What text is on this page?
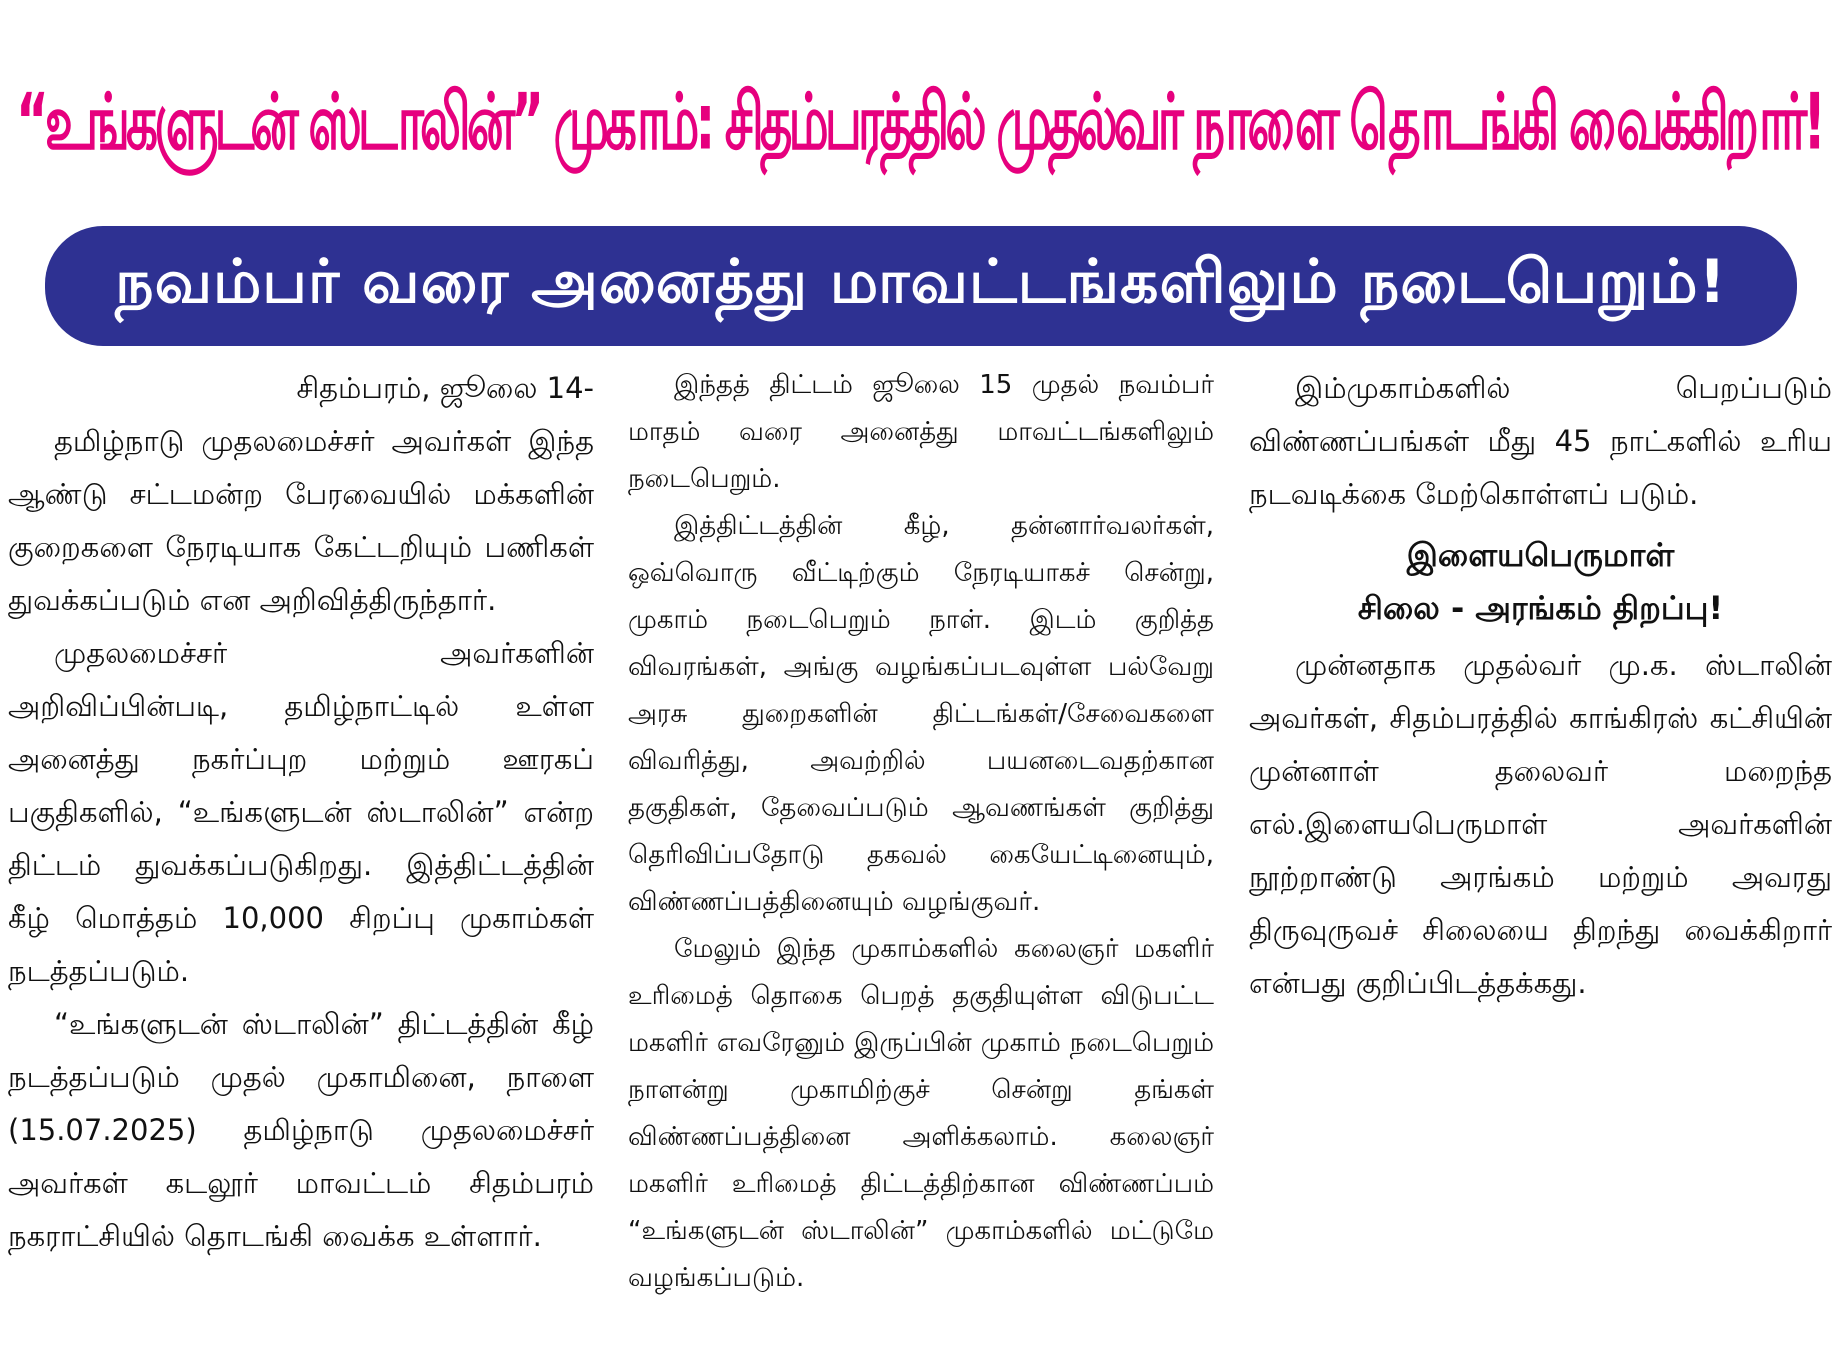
“உங்களுடன் ஸ்டாலின்” முகாம்: சிதம்பரத்தில் முதல்வர் நாளை தொடங்கி வைக்கிறார்!
நவம்பர் வரை அனைத்து மாவட்டங்களிலும் நடைபெறும்!

சிதம்பரம், ஜூலை 14-

தமிழ்நாடு முதலமைச்சர் அவர்கள் இந்த ஆண்டு சட்டமன்ற பேரவையில் மக்களின் குறைகளை நேரடியாக கேட்டறியும் பணிகள் துவக்கப்படும் என அறிவித்திருந்தார்.

முதலமைச்சர் அவர்களின் அறிவிப்பின்படி, தமிழ்நாட்டில் உள்ள அனைத்து நகர்ப்புற மற்றும் ஊரகப் பகுதிகளில், “உங்களுடன் ஸ்டாலின்” என்ற திட்டம் துவக்கப்படுகிறது. இத்திட்டத்தின் கீழ் மொத்தம் 10,000 சிறப்பு முகாம்கள் நடத்தப்படும்.

“உங்களுடன் ஸ்டாலின்” திட்டத்தின் கீழ் நடத்தப்படும் முதல் முகாமினை, நாளை (15.07.2025) தமிழ்நாடு முதலமைச்சர் அவர்கள் கடலூர் மாவட்டம் சிதம்பரம் நகராட்சியில் தொடங்கி வைக்க உள்ளார்.

இந்தத் திட்டம் ஜூலை 15 முதல் நவம்பர் மாதம் வரை அனைத்து மாவட்டங்களிலும் நடைபெறும்.

இத்திட்டத்தின் கீழ், தன்னார்வலர்கள், ஒவ்வொரு வீட்டிற்கும் நேரடியாகச் சென்று, முகாம் நடைபெறும் நாள். இடம் குறித்த விவரங்கள், அங்கு வழங்கப்படவுள்ள பல்வேறு அரசு துறைகளின் திட்டங்கள்/சேவைகளை விவரித்து, அவற்றில் பயனடைவதற்கான தகுதிகள், தேவைப்படும் ஆவணங்கள் குறித்து தெரிவிப்பதோடு தகவல் கையேட்டினையும், விண்ணப்பத்தினையும் வழங்குவர்.

மேலும் இந்த முகாம்களில் கலைஞர் மகளிர் உரிமைத் தொகை பெறத் தகுதியுள்ள விடுபட்ட மகளிர் எவரேனும் இருப்பின் முகாம் நடைபெறும் நாளன்று முகாமிற்குச் சென்று தங்கள் விண்ணப்பத்தினை அளிக்கலாம். கலைஞர் மகளிர் உரிமைத் திட்டத்திற்கான விண்ணப்பம் “உங்களுடன் ஸ்டாலின்” முகாம்களில் மட்டுமே வழங்கப்படும்.

இம்முகாம்களில் பெறப்படும் விண்ணப்பங்கள் மீது 45 நாட்களில் உரிய நடவடிக்கை மேற்கொள்ளப் படும்.

இளையபெருமாள்
சிலை - அரங்கம் திறப்பு!

முன்னதாக முதல்வர் மு.க. ஸ்டாலின் அவர்கள், சிதம்பரத்தில் காங்கிரஸ் கட்சியின் முன்னாள் தலைவர் மறைந்த எல்.இளையபெருமாள் அவர்களின் நூற்றாண்டு அரங்கம் மற்றும் அவரது திருவுருவச் சிலையை திறந்து வைக்கிறார் என்பது குறிப்பிடத்தக்கது.
